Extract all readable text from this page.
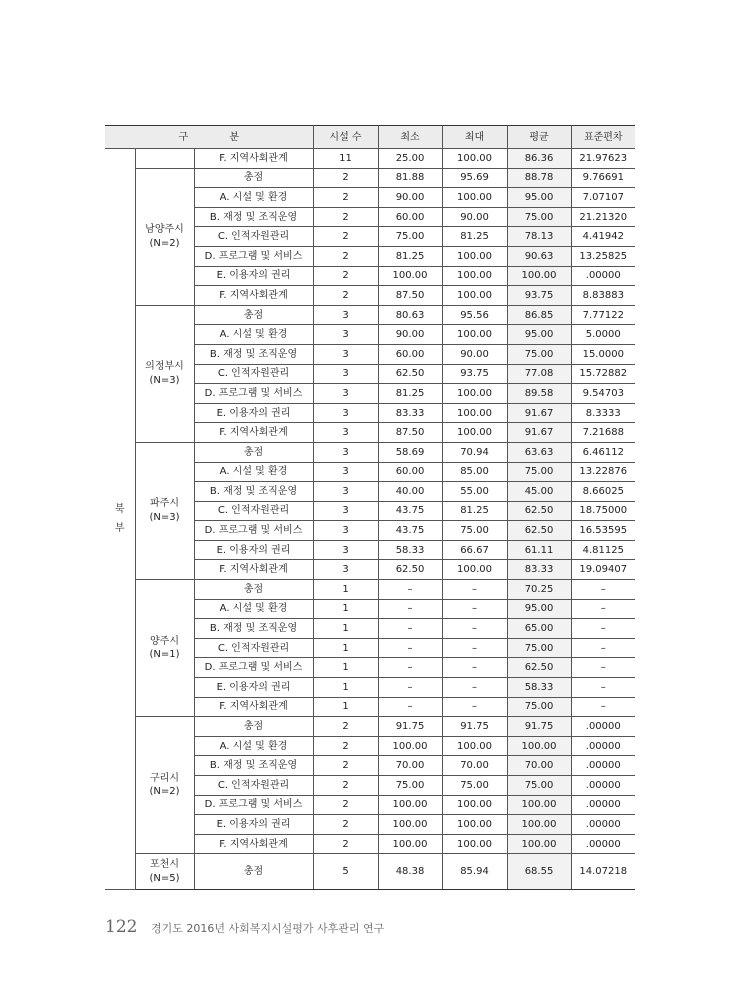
구 분			시설 수	최소	최대	평균	표준편차
북
부		F. 지역사회관계	11	25.00	100.00	86.36	21.97623
	남양주시
(N=2)	총점	2	81.88	95.69	88.78	9.76691
		A. 시설 및 환경	2	90.00	100.00	95.00	7.07107
		B. 재정 및 조직운영	2	60.00	90.00	75.00	21.21320
		C. 인적자원관리	2	75.00	81.25	78.13	4.41942
		D. 프로그램 및 서비스	2	81.25	100.00	90.63	13.25825
		E. 이용자의 권리	2	100.00	100.00	100.00	.00000
		F. 지역사회관계	2	87.50	100.00	93.75	8.83883
	의정부시
(N=3)	총점	3	80.63	95.56	86.85	7.77122
		A. 시설 및 환경	3	90.00	100.00	95.00	5.0000
		B. 재정 및 조직운영	3	60.00	90.00	75.00	15.0000
		C. 인적자원관리	3	62.50	93.75	77.08	15.72882
		D. 프로그램 및 서비스	3	81.25	100.00	89.58	9.54703
		E. 이용자의 권리	3	83.33	100.00	91.67	8.3333
		F. 지역사회관계	3	87.50	100.00	91.67	7.21688
	파주시
(N=3)	총점	3	58.69	70.94	63.63	6.46112
		A. 시설 및 환경	3	60.00	85.00	75.00	13.22876
		B. 재정 및 조직운영	3	40.00	55.00	45.00	8.66025
		C. 인적자원관리	3	43.75	81.25	62.50	18.75000
		D. 프로그램 및 서비스	3	43.75	75.00	62.50	16.53595
		E. 이용자의 권리	3	58.33	66.67	61.11	4.81125
		F. 지역사회관계	3	62.50	100.00	83.33	19.09407
	양주시
(N=1)	총점	1	–	–	70.25	–
		A. 시설 및 환경	1	–	–	95.00	–
		B. 재정 및 조직운영	1	–	–	65.00	–
		C. 인적자원관리	1	–	–	75.00	–
		D. 프로그램 및 서비스	1	–	–	62.50	–
		E. 이용자의 권리	1	–	–	58.33	–
		F. 지역사회관계	1	–	–	75.00	–
	구리시
(N=2)	총점	2	91.75	91.75	91.75	.00000
		A. 시설 및 환경	2	100.00	100.00	100.00	.00000
		B. 재정 및 조직운영	2	70.00	70.00	70.00	.00000
		C. 인적자원관리	2	75.00	75.00	75.00	.00000
		D. 프로그램 및 서비스	2	100.00	100.00	100.00	.00000
		E. 이용자의 권리	2	100.00	100.00	100.00	.00000
		F. 지역사회관계	2	100.00	100.00	100.00	.00000
	포천시
(N=5)	총점	5	48.38	85.94	68.55	14.07218
122 경기도 2016년 사회복지시설평가 사후관리 연구
